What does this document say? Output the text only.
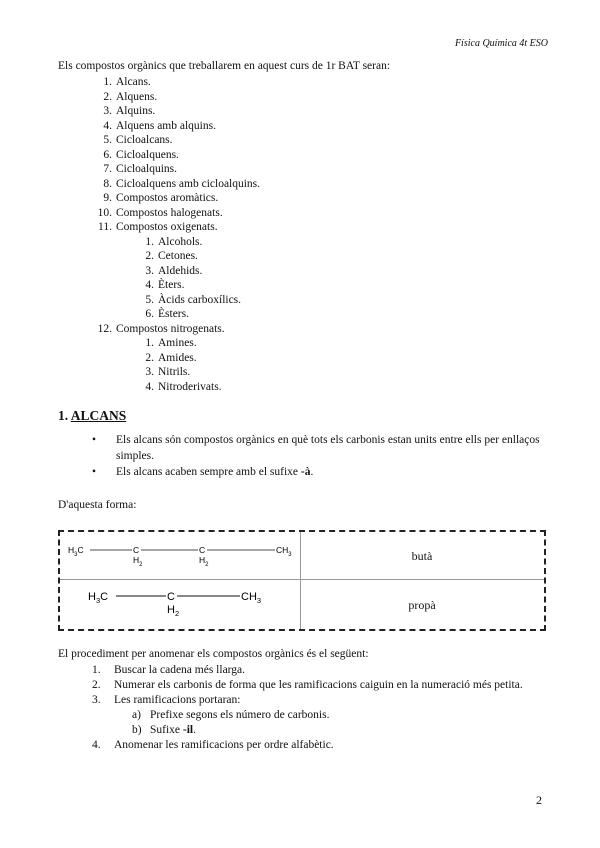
Física Química 4t ESO
Els compostos orgànics que treballarem en aquest curs de 1r BAT seran:
1. Alcans.
2. Alquens.
3. Alquins.
4. Alquens amb alquins.
5. Cicloalcans.
6. Cicloalquens.
7. Cicloalquins.
8. Cicloalquens amb cicloalquins.
9. Compostos aromàtics.
10. Compostos halogenats.
11. Compostos oxigenats.
1. Alcohols.
2. Cetones.
3. Aldehids.
4. Èters.
5. Àcids carboxílics.
6. Èsters.
12. Compostos nitrogenats.
1. Amines.
2. Amides.
3. Nitrils.
4. Nitroderivats.
1. ALCANS
•	Els alcans són compostos orgànics en què tots els carbonis estan units entre ells per enllaços simples.
•	Els alcans acaben sempre amb el sufixe -à.
D'aquesta forma:
$H_3C$	C
$H_2$
C
$H_2$
$CH_3$	butà
$H_3C$	C
$H_2$
$CH_3$	propà
El procediment per anomenar els compostos orgànics és el següent:
1.	Buscar la cadena més llarga.
2.	Numerar els carbonis de forma que les ramificacions caiguin en la numeració més petita.
3.	Les ramificacions portaran:
a) Prefixe segons els número de carbonis.
b) Sufixe -il.
4.	Anomenar les ramificacions per ordre alfabètic.
2
